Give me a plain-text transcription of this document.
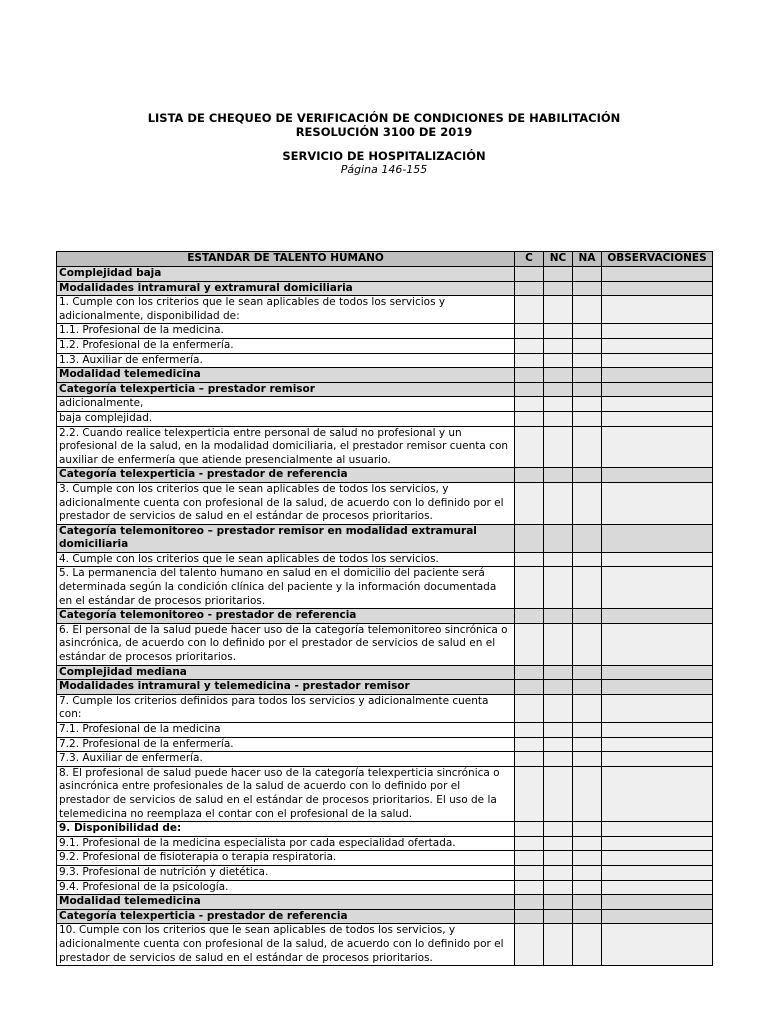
LISTA DE CHEQUEO DE VERIFICACIÓN DE CONDICIONES DE HABILITACIÓN
RESOLUCIÓN 3100 DE 2019
SERVICIO DE HOSPITALIZACIÓN
Página 146-155
ESTANDAR DE TALENTO HUMANO	C	NC	NA	OBSERVACIONES
Complejidad baja				
Modalidades intramural y extramural domiciliaria				
1. Cumple con los criterios que le sean aplicables de todos los servicios y adicionalmente, disponibilidad de:				
1.1. Profesional de la medicina.				
1.2. Profesional de la enfermería.				
1.3. Auxiliar de enfermería.				
Modalidad telemedicina				
Categoría telexperticia – prestador remisor				
adicionalmente,				
baja complejidad.				
2.2. Cuando realice telexperticia entre personal de salud no profesional y un profesional de la salud, en la modalidad domiciliaria, el prestador remisor cuenta con auxiliar de enfermería que atiende presencialmente al usuario.				
Categoría telexperticia - prestador de referencia				
3. Cumple con los criterios que le sean aplicables de todos los servicios, y adicionalmente cuenta con profesional de la salud, de acuerdo con lo definido por el prestador de servicios de salud en el estándar de procesos prioritarios.				
Categoría telemonitoreo – prestador remisor en modalidad extramural domiciliaria				
4. Cumple con los criterios que le sean aplicables de todos los servicios.				
5. La permanencia del talento humano en salud en el domicilio del paciente será determinada según la condición clínica del paciente y la información documentada en el estándar de procesos prioritarios.				
Categoría telemonitoreo - prestador de referencia				
6. El personal de la salud puede hacer uso de la categoría telemonitoreo sincrónica o asincrónica, de acuerdo con lo definido por el prestador de servicios de salud en el estándar de procesos prioritarios.				
Complejidad mediana				
Modalidades intramural y telemedicina - prestador remisor				
7. Cumple los criterios definidos para todos los servicios y adicionalmente cuenta con:				
7.1. Profesional de la medicina				
7.2. Profesional de la enfermería.				
7.3. Auxiliar de enfermería.				
8. El profesional de salud puede hacer uso de la categoría telexperticia sincrónica o asincrónica entre profesionales de la salud de acuerdo con lo definido por el prestador de servicios de salud en el estándar de procesos prioritarios. El uso de la telemedicina no reemplaza el contar con el profesional de la salud.				
9. Disponibilidad de:				
9.1. Profesional de la medicina especialista por cada especialidad ofertada.				
9.2. Profesional de fisioterapia o terapia respiratoria.				
9.3. Profesional de nutrición y dietética.				
9.4. Profesional de la psicología.				
Modalidad telemedicina				
Categoría telexperticia - prestador de referencia				
10. Cumple con los criterios que le sean aplicables de todos los servicios, y adicionalmente cuenta con profesional de la salud, de acuerdo con lo definido por el prestador de servicios de salud en el estándar de procesos prioritarios.				
